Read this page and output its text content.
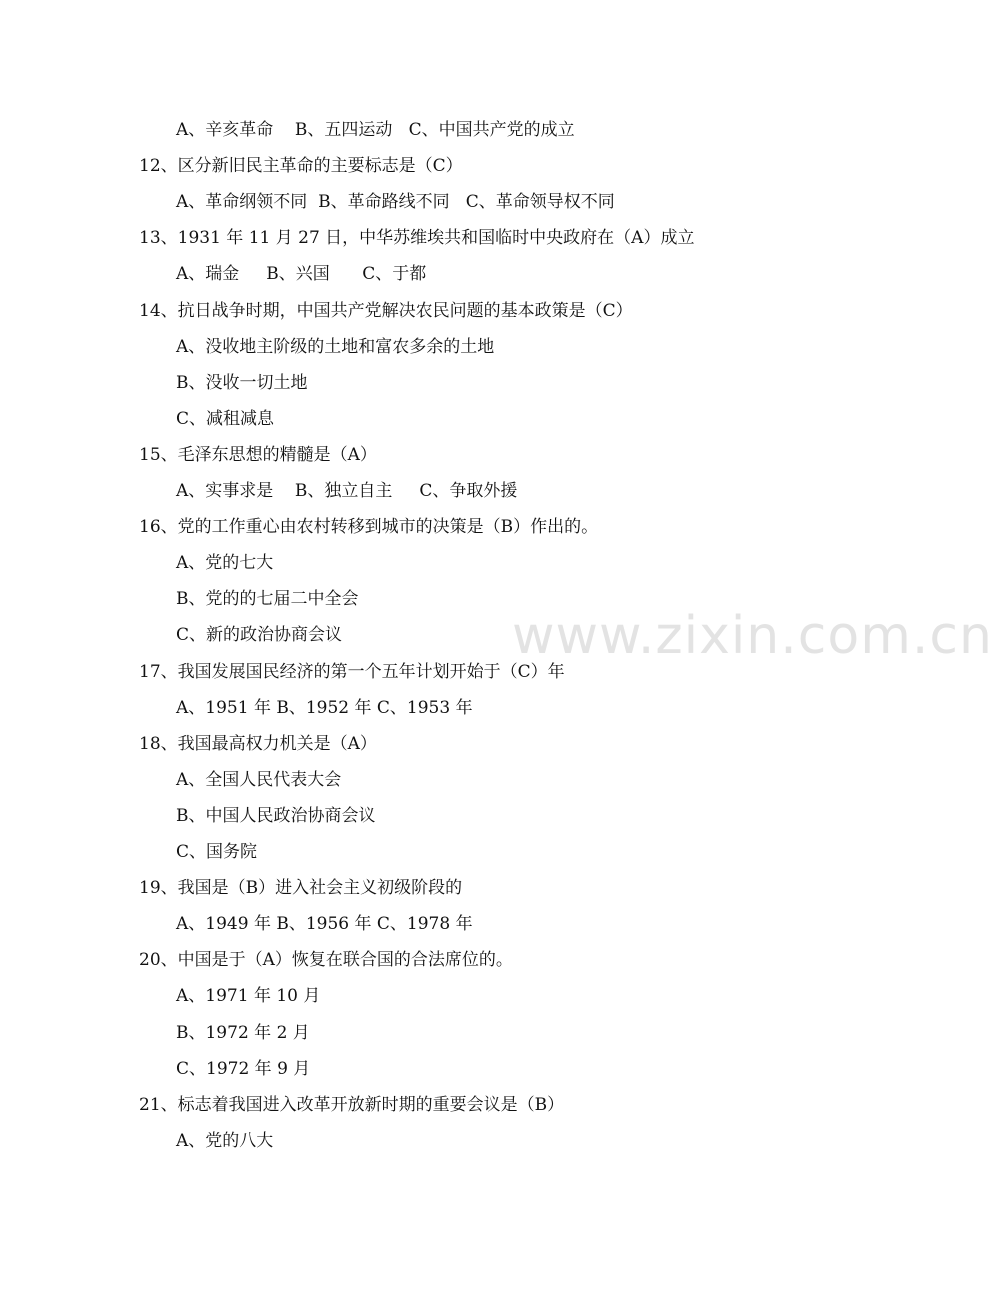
www.zixin.com.cn
A、辛亥革命    B、五四运动   C、中国共产党的成立
12、区分新旧民主革命的主要标志是（C）
A、革命纲领不同  B、革命路线不同   C、革命领导权不同
13、1931 年 11 月 27 日，中华苏维埃共和国临时中央政府在（A）成立
A、瑞金     B、兴国      C、于都
14、抗日战争时期，中国共产党解决农民问题的基本政策是（C）
A、没收地主阶级的土地和富农多余的土地
B、没收一切土地
C、减租减息
15、毛泽东思想的精髓是（A）
A、实事求是    B、独立自主     C、争取外援
16、党的工作重心由农村转移到城市的决策是（B）作出的。
A、党的七大
B、党的的七届二中全会
C、新的政治协商会议
17、我国发展国民经济的第一个五年计划开始于（C）年
A、1951 年 B、1952 年 C、1953 年
18、我国最高权力机关是（A）
A、全国人民代表大会
B、中国人民政治协商会议
C、国务院
19、我国是（B）进入社会主义初级阶段的
A、1949 年 B、1956 年 C、1978 年
20、中国是于（A）恢复在联合国的合法席位的。
A、1971 年 10 月
B、1972 年 2 月
C、1972 年 9 月
21、标志着我国进入改革开放新时期的重要会议是（B）
A、党的八大
